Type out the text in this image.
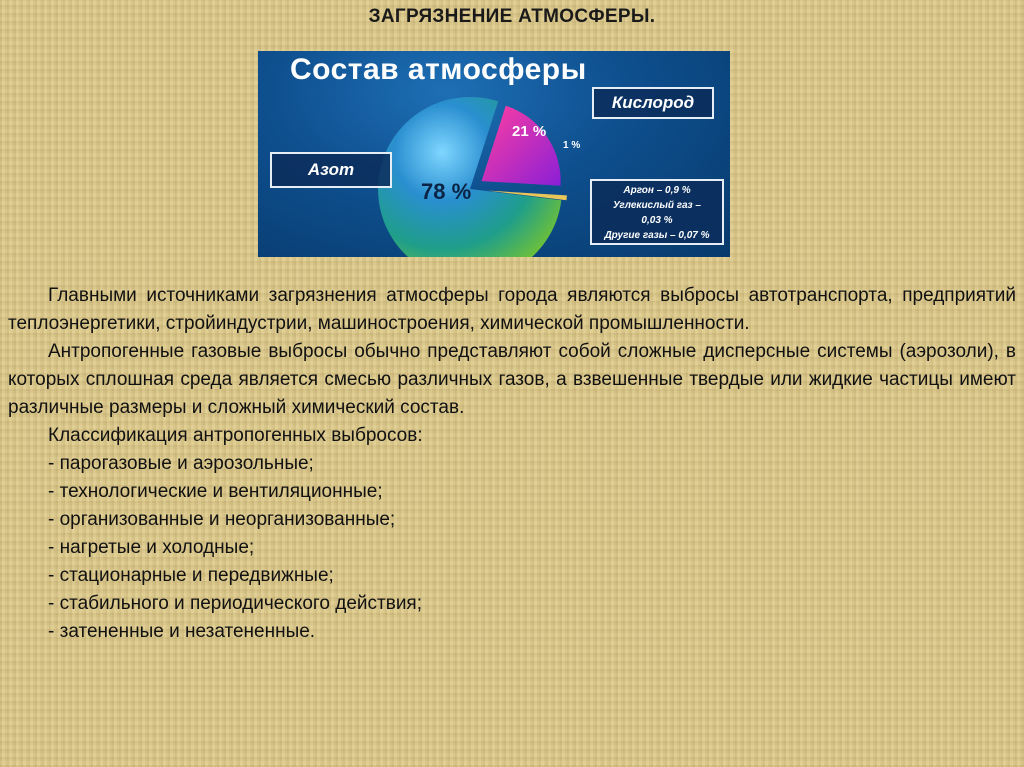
ЗАГРЯЗНЕНИЕ АТМОСФЕРЫ.
Состав атмосферы
78 %
21 %
1 %
Кислород
Азот
Аргон – 0,9 %
Углекислый газ –
0,03 %
Другие газы – 0,07 %

Главными источниками загрязнения атмосферы города являются выбросы автотранспорта, предприятий теплоэнергетики, стройиндустрии, машиностроения, химической промышленности.

Антропогенные газовые выбросы обычно представляют собой сложные дисперсные системы (аэрозоли), в которых сплошная среда является смесью различных газов, а взвешенные твердые или жидкие частицы имеют различные размеры и сложный химический состав.

Классификация антропогенных выбросов:

- парогазовые и аэрозольные;

- технологические и вентиляционные;

- организованные и неорганизованные;

- нагретые и холодные;

- стационарные и передвижные;

- стабильного и периодического действия;

- затененные и незатененные.
